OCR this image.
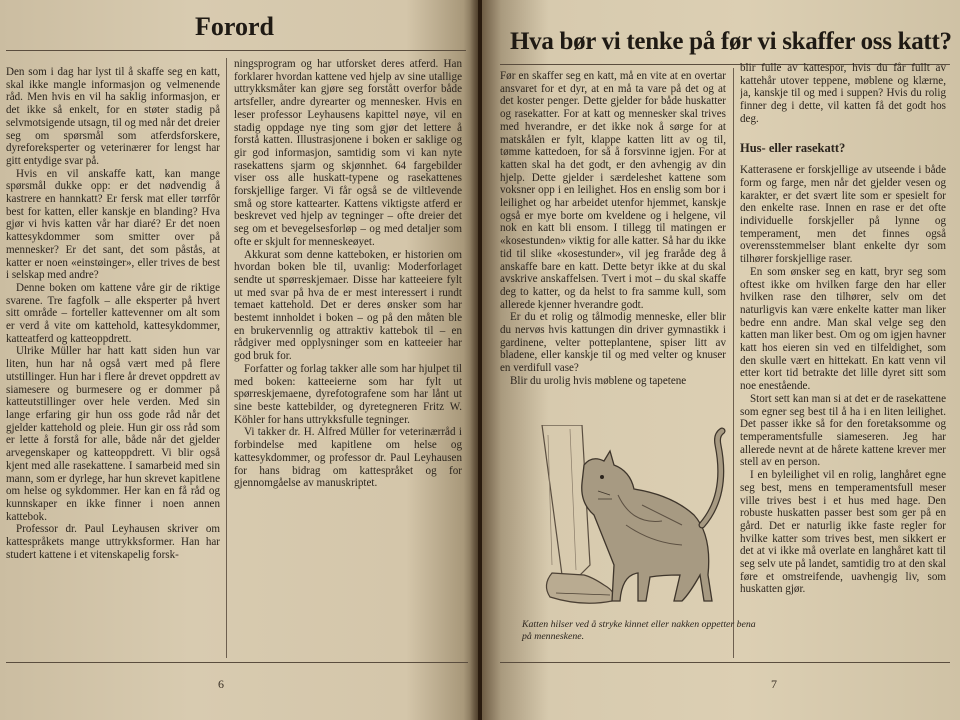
Forord

Den som i dag har lyst til å skaffe seg en katt, skal ikke mangle informasjon og velmenende råd. Men hvis en vil ha saklig informasjon, er det ikke så enkelt, for en støter stadig på selvmotsigende utsagn, til og med når det dreier seg om spørsmål som atferdsforskere, dyreforeksperter og veterinærer for lengst har gitt entydige svar på.

Hvis en vil anskaffe katt, kan mange spørsmål dukke opp: er det nødvendig å kastrere en hannkatt? Er fersk mat eller tørrfôr best for katten, eller kanskje en blanding? Hva gjør vi hvis katten vår har diaré? Er det noen kattesykdommer som smitter over på mennesker? Er det sant, det som påstås, at katter er noen «einstøinger», eller trives de best i selskap med andre?

Denne boken om kattene våre gir de riktige svarene. Tre fagfolk – alle eksperter på hvert sitt område – forteller kattevenner om alt som er verd å vite om kattehold, kattesykdommer, katteatferd og katteoppdrett.

Ulrike Müller har hatt katt siden hun var liten, hun har nå også vært med på flere utstillinger. Hun har i flere år drevet oppdrett av siamesere og burmesere og er dommer på katteutstillinger over hele verden. Med sin lange erfaring gir hun oss gode råd når det gjelder kattehold og pleie. Hun gir oss råd som er lette å forstå for alle, både når det gjelder arvegenskaper og katteoppdrett. Vi blir også kjent med alle rasekattene. I samarbeid med sin mann, som er dyrlege, har hun skrevet kapitlene om helse og sykdommer. Her kan en få råd og kunnskaper en ikke finner i noen annen kattebok.

Professor dr. Paul Leyhausen skriver om kattespråkets mange uttrykksformer. Han har studert kattene i et vitenskapelig forsk-

ningsprogram og har utforsket deres atferd. Han forklarer hvordan kattene ved hjelp av sine utallige uttrykksmåter kan gjøre seg forstått overfor både artsfeller, andre dyrearter og mennesker. Hvis en leser professor Leyhausens kapittel nøye, vil en stadig oppdage nye ting som gjør det lettere å forstå katten. Illustrasjonene i boken er saklige og gir god informasjon, samtidig som vi kan nyte rasekattens sjarm og skjønnhet. 64 fargebilder viser oss alle huskatt-typene og rasekattenes forskjellige farger. Vi får også se de viltlevende små og store kattearter. Kattens viktigste atferd er beskrevet ved hjelp av tegninger – ofte dreier det seg om et bevegelsesforløp – og med detaljer som ofte er skjult for menneskeøyet.

Akkurat som denne katteboken, er historien om hvordan boken ble til, uvanlig: Moderforlaget sendte ut spørreskjemaer. Disse har katteeiere fylt ut med svar på hva de er mest interessert i rundt temaet kattehold. Det er deres ønsker som har bestemt innholdet i boken – og på den måten ble en brukervennlig og attraktiv kattebok til – en rådgiver med opplysninger som en katteeier har god bruk for.

Forfatter og forlag takker alle som har hjulpet til med boken: katteeierne som har fylt ut spørreskjemaene, dyrefotografene som har lånt ut sine beste kattebilder, og dyretegneren Fritz W. Köhler for hans uttrykksfulle tegninger.

Vi takker dr. H. Alfred Müller for veterinærråd i forbindelse med kapitlene om helse og kattesykdommer, og professor dr. Paul Leyhausen for hans bidrag om kattespråket og for gjennomgåelse av manuskriptet.

6
Hva bør vi tenke på før vi skaffer oss katt?

Før en skaffer seg en katt, må en vite at en overtar ansvaret for et dyr, at en må ta vare på det og at det koster penger. Dette gjelder for både huskatter og rasekatter. For at katt og mennesker skal trives med hverandre, er det ikke nok å sørge for at matskålen er fylt, klappe katten litt av og til, tømme kattedoen, for så å forsvinne igjen. For at katten skal ha det godt, er den avhengig av din hjelp. Dette gjelder i særdeleshet kattene som voksner opp i en leilighet. Hos en enslig som bor i leilighet og har arbeidet utenfor hjemmet, kanskje også er mye borte om kveldene og i helgene, vil nok en katt bli ensom. I tillegg til matingen er «kosestunden» viktig for alle katter. Så har du ikke tid til slike «kosestunder», vil jeg fraråde deg å anskaffe bare en katt. Dette betyr ikke at du skal avskrive anskaffelsen. Tvert i mot – du skal skaffe deg to katter, og da helst to fra samme kull, som allerede kjenner hverandre godt.

Er du et rolig og tålmodig menneske, eller blir du nervøs hvis kattungen din driver gymnastikk i gardinene, velter potteplantene, spiser litt av bladene, eller kanskje til og med velter og knuser en verdifull vase?

Blir du urolig hvis møblene og tapetene

Katten hilser ved å stryke kinnet eller nakken oppetter bena på menneskene.

blir fulle av kattespor, hvis du får fullt av kattehår utover teppene, møblene og klærne, ja, kanskje til og med i suppen? Hvis du rolig finner deg i dette, vil katten få det godt hos deg.

Hus- eller rasekatt?

Katterasene er forskjellige av utseende i både form og farge, men når det gjelder vesen og karakter, er det svært lite som er spesielt for den enkelte rase. Innen en rase er det ofte individuelle forskjeller på lynne og temperament, men det finnes også overensstemmelser blant enkelte dyr som tilhører forskjellige raser.

En som ønsker seg en katt, bryr seg som oftest ikke om hvilken farge den har eller hvilken rase den tilhører, selv om det naturligvis kan være enkelte katter man liker bedre enn andre. Man skal velge seg den katten man liker best. Om og om igjen havner katt hos eieren sin ved en tilfeldighet, som den skulle vært en hittekatt. En katt venn vil etter kort tid betrakte det lille dyret sitt som noe enestående.

Stort sett kan man si at det er de rasekattene som egner seg best til å ha i en liten leilighet. Det passer ikke så for den foretaksomme og temperamentsfulle siameseren. Jeg har allerede nevnt at de hårete kattene krever mer stell av en person.

I en byleilighet vil en rolig, langhåret egne seg best, mens en temperamentsfull meser ville trives best i et hus med hage. Den robuste huskatten passer best som ger på en gård. Det er naturlig ikke faste regler for hvilke katter som trives best, men sikkert er det at vi ikke må overlate en langhåret katt til seg selv ute på landet, samtidig tro at den skal føre et omstreifende, uavhengig liv, som huskatten gjør.

7
